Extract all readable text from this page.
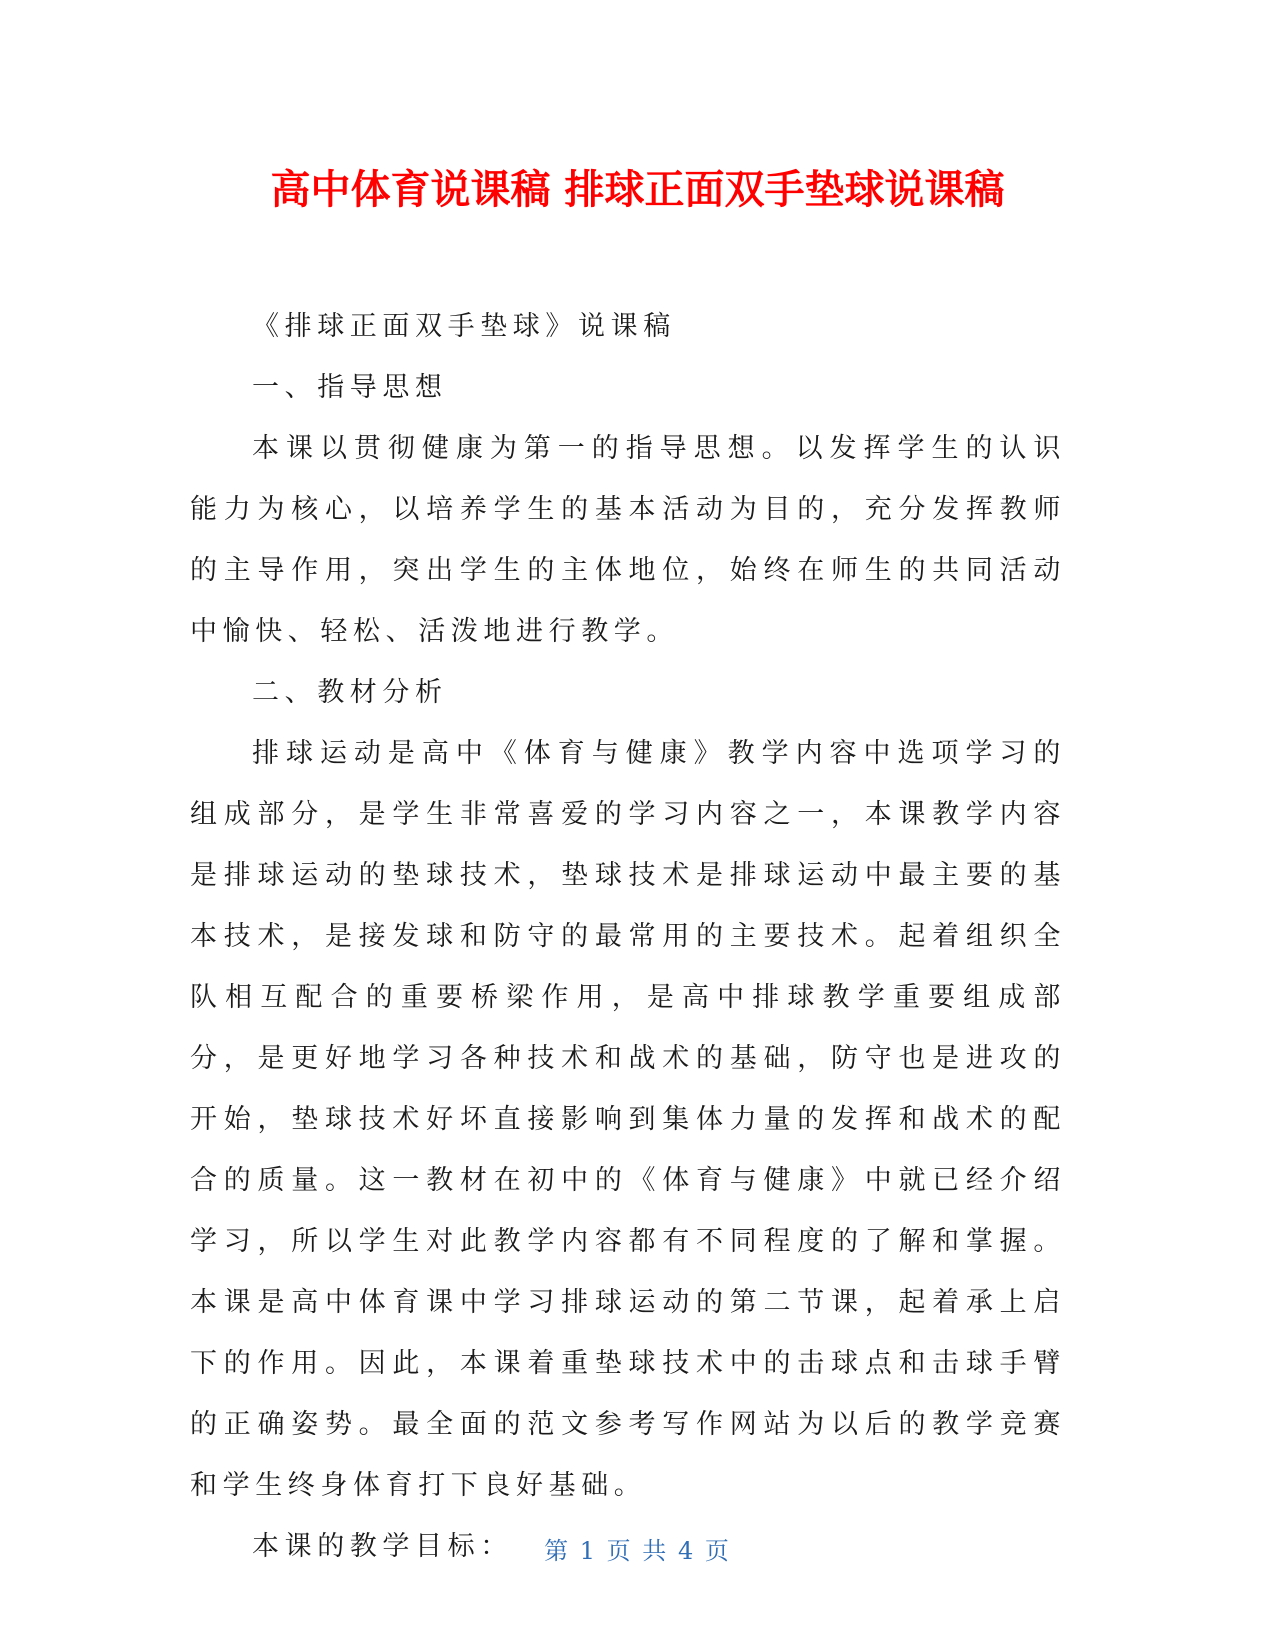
高中体育说课稿 排球正面双手垫球说课稿

《排球正面双手垫球》说课稿

一、指导思想

本课以贯彻健康为第一的指导思想。以发挥学生的认识能力为核心，以培养学生的基本活动为目的，充分发挥教师的主导作用，突出学生的主体地位，始终在师生的共同活动中愉快、轻松、活泼地进行教学。

二、教材分析

排球运动是高中《体育与健康》教学内容中选项学习的组成部分，是学生非常喜爱的学习内容之一，本课教学内容是排球运动的垫球技术，垫球技术是排球运动中最主要的基本技术，是接发球和防守的最常用的主要技术。起着组织全队相互配合的重要桥梁作用，是高中排球教学重要组成部分，是更好地学习各种技术和战术的基础，防守也是进攻的开始，垫球技术好坏直接影响到集体力量的发挥和战术的配合的质量。这一教材在初中的《体育与健康》中就已经介绍学习，所以学生对此教学内容都有不同程度的了解和掌握。本课是高中体育课中学习排球运动的第二节课，起着承上启下的作用。因此，本课着重垫球技术中的击球点和击球手臂的正确姿势。最全面的范文参考写作网站为以后的教学竞赛和学生终身体育打下良好基础。

本课的教学目标：	第 1 页 共 4 页
